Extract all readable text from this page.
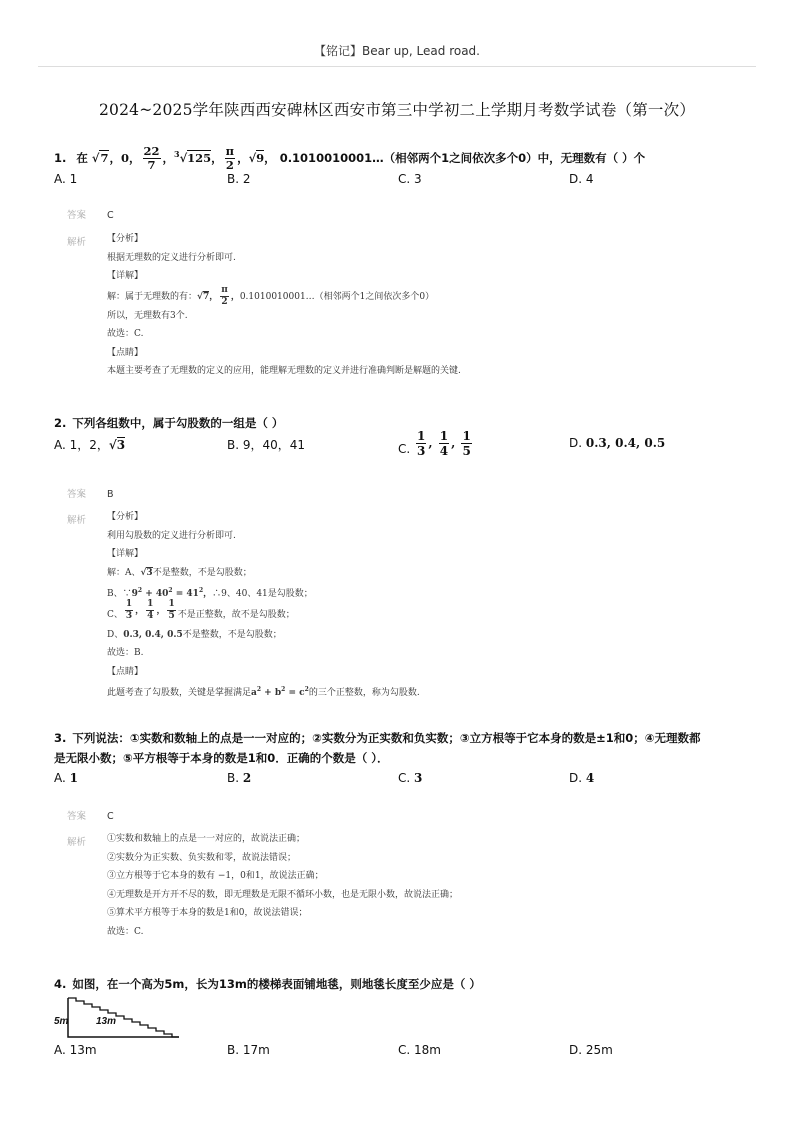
【铭记】Bear up, Lead road.
2024~2025学年陕西西安碑林区西安市第三中学初二上学期月考数学试卷（第一次）
1. 在 √7，0， $\frac{22}{7}$ ，$^3$√125， $\frac{\pi}{2}$ ，√9， 0.1010010001…（相邻两个1之间依次多个0）中，无理数有（ ）个
A. 1	B. 2	C. 3	D. 4
答案 C
解析 【分析】
根据无理数的定义进行分析即可.
【详解】
解：属于无理数的有：√7， $\frac{\pi}{2}$ ，0.1010010001…（相邻两个1之间依次多个0）
所以，无理数有3个.
故选：C.
【点睛】
本题主要考查了无理数的定义的应用，能理解无理数的定义并进行准确判断是解题的关键.
2. 下列各组数中，属于勾股数的一组是（ ）
A. 1，2，√3	B. 9，40，41	C. $\frac{1}{3}$ , $\frac{1}{4}$ , $\frac{1}{5}$	D. 0.3, 0.4, 0.5
答案 B
解析 【分析】
利用勾股数的定义进行分析即可.
【详解】
解：A、√3不是整数，不是勾股数；
B、$\because 9^2 + 40^2 = 41^2$，∴9、40、41是勾股数；
C、 $\frac{1}{3}$ ， $\frac{1}{4}$ ， $\frac{1}{5}$ 不是正整数，故不是勾股数；
D、0.3, 0.4, 0.5不是整数，不是勾股数；
故选：B.
【点睛】
此题考查了勾股数，关键是掌握满足$a^2 + b^2 = c^2$的三个正整数，称为勾股数.
3. 下列说法：①实数和数轴上的点是一一对应的；②实数分为正实数和负实数；③立方根等于它本身的数是±1和0；④无理数都
是无限小数；⑤平方根等于本身的数是1和0．正确的个数是（ ）．
A. 1	B. 2	C. 3	D. 4
答案 C
解析 ①实数和数轴上的点是一一对应的，故说法正确；
②实数分为正实数、负实数和零，故说法错误；
③立方根等于它本身的数有 −1，0和1，故说法正确；
④无理数是开方开不尽的数，即无理数是无限不循环小数，也是无限小数，故说法正确；
⑤算术平方根等于本身的数是1和0，故说法错误；
故选：C.
4. 如图，在一个高为5m，长为13m的楼梯表面铺地毯，则地毯长度至少应是（ ）
5m	13m
A. 13m	B. 17m	C. 18m	D. 25m
